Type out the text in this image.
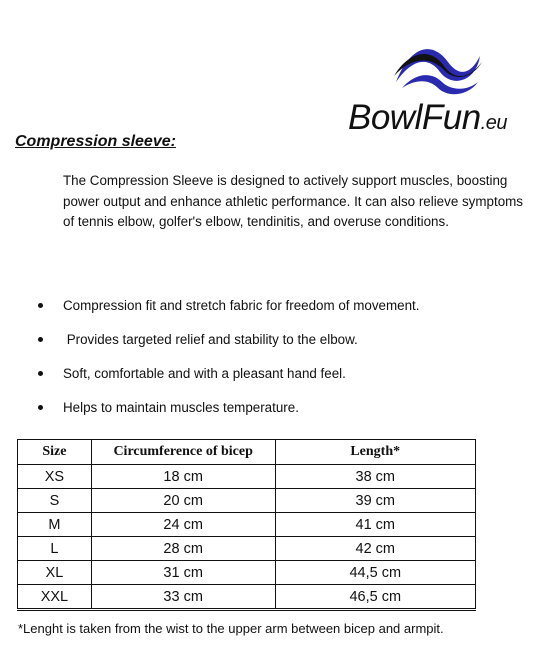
BowlFun.eu
Compression sleeve:
The Compression Sleeve is designed to actively support muscles, boosting power output and enhance athletic performance. It can also relieve symptoms of tennis elbow, golfer's elbow, tendinitis, and overuse conditions.
Compression fit and stretch fabric for freedom of movement.
Provides targeted relief and stability to the elbow.
Soft, comfortable and with a pleasant hand feel.
Helps to maintain muscles temperature.
Size	Circumference of bicep	Length*
XS	18 cm	38 cm
S	20 cm	39 cm
M	24 cm	41 cm
L	28 cm	42 cm
XL	31 cm	44,5 cm
XXL	33 cm	46,5 cm
*Lenght is taken from the wist to the upper arm between bicep and armpit.
